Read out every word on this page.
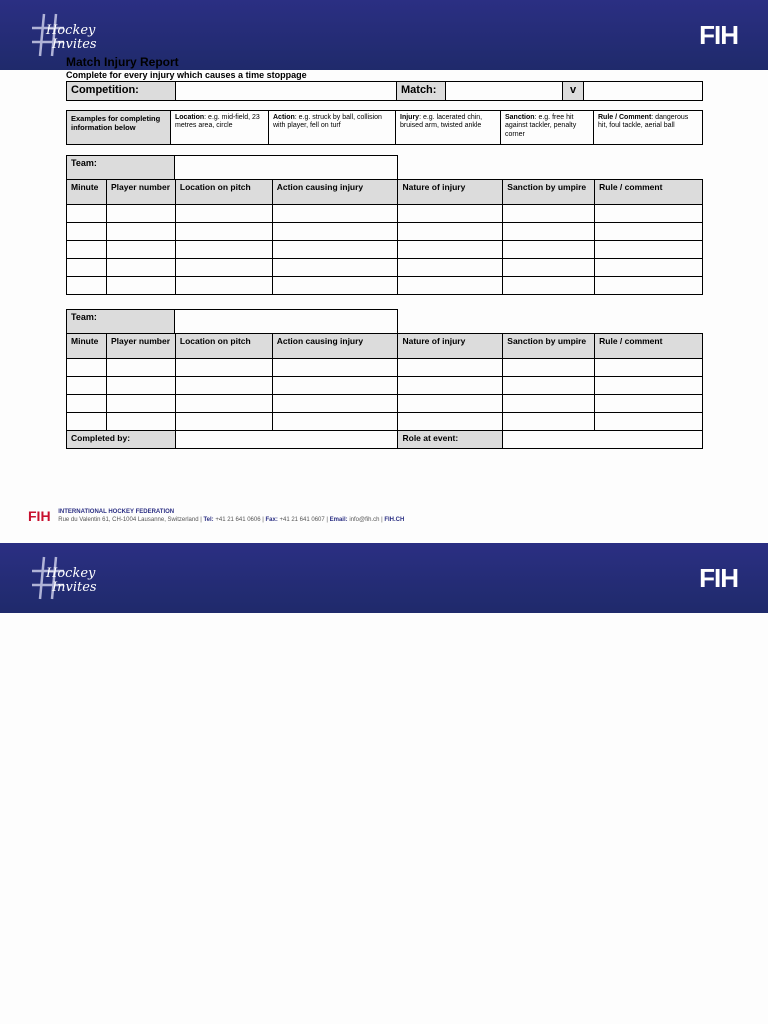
Hockey
Invites	FIH
Match Injury Report
Complete for every injury which causes a time stoppage
Competition:		Match:		v	
Examples for completing information below	Location: e.g. mid-field, 23 metres area, circle	Action: e.g. struck by ball, collision with player, fell on turf	Injury: e.g. lacerated chin, bruised arm, twisted ankle	Sanction: e.g. free hit against tackler, penalty corner	Rule / Comment: dangerous hit, foul tackle, aerial ball
Team:	
Minute	Player number	Location on pitch	Action causing injury	Nature of injury	Sanction by umpire	Rule / comment

Team:	
Minute	Player number	Location on pitch	Action causing injury	Nature of injury	Sanction by umpire	Rule / comment

Completed by:				Role at event:		
FIH INTERNATIONAL HOCKEY FEDERATION
Rue du Valentin 61, CH-1004 Lausanne, Switzerland | Tel: +41 21 641 0606 | Fax: +41 21 641 0607 | Email: info@fih.ch | FIH.CH
Hockey
Invites	FIH
